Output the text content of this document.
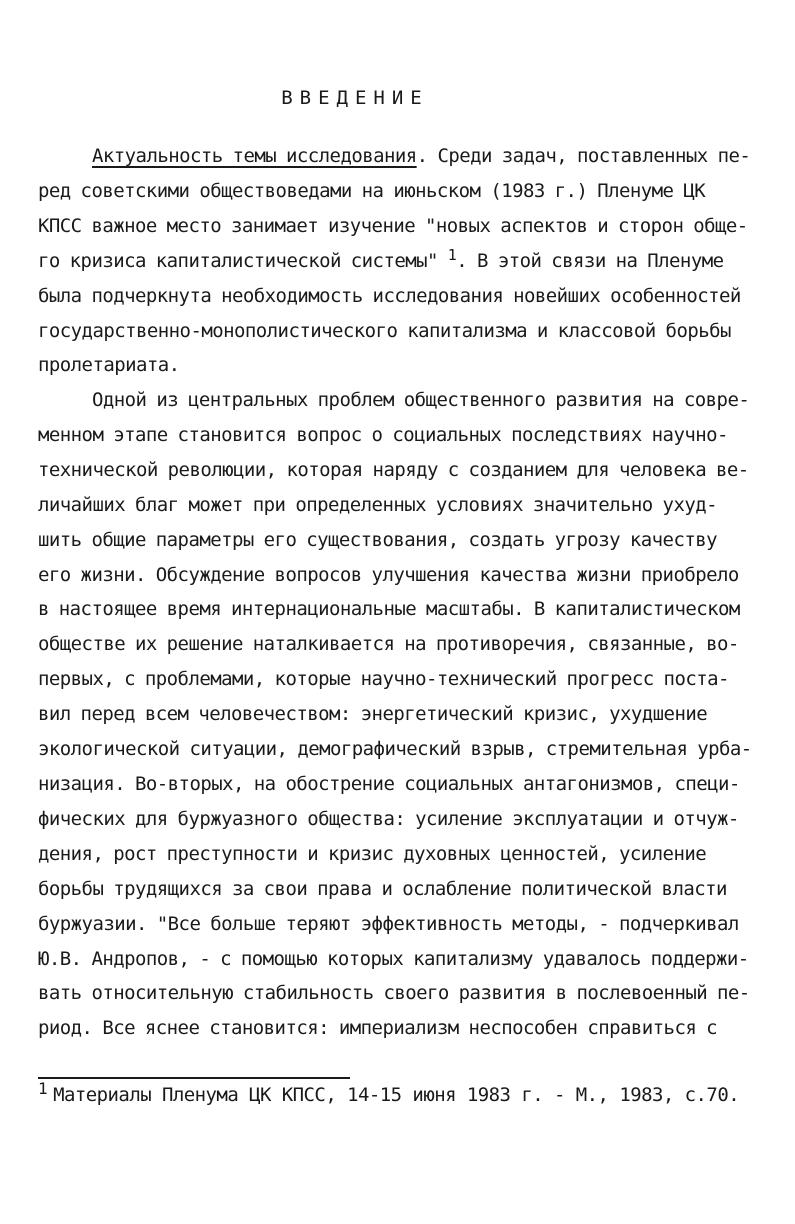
ВВЕДЕНИЕ
Актуальность темы исследования. Среди задач, поставленных пе-
ред советскими обществоведами на июньском (1983 г.) Пленуме ЦК
КПСС важное место занимает изучение "новых аспектов и сторон обще-
го кризиса капиталистической системы" $^1$. В этой связи на Пленуме
была подчеркнута необходимость исследования новейших особенностей
государственно-монополистического капитализма и классовой борьбы
пролетариата.
Одной из центральных проблем общественного развития на совре-
менном этапе становится вопрос о социальных последствиях научно-
технической революции, которая наряду с созданием для человека ве-
личайших благ может при определенных условиях значительно ухуд-
шить общие параметры его существования, создать угрозу качеству
его жизни. Обсуждение вопросов улучшения качества жизни приобрело
в настоящее время интернациональные масштабы. В капиталистическом
обществе их решение наталкивается на противоречия, связанные, во-
первых, с проблемами, которые научно-технический прогресс поста-
вил перед всем человечеством: энергетический кризис, ухудшение
экологической ситуации, демографический взрыв, стремительная урба-
низация. Во-вторых, на обострение социальных антагонизмов, специ-
фических для буржуазного общества: усиление эксплуатации и отчуж-
дения, рост преступности и кризис духовных ценностей, усиление
борьбы трудящихся за свои права и ослабление политической власти
буржуазии. "Все больше теряют эффективность методы, - подчеркивал
Ю.В. Андропов, - с помощью которых капитализму удавалось поддержи-
вать относительную стабильность своего развития в послевоенный пе-
риод. Все яснее становится: империализм неспособен справиться с
$^1$ Материалы Пленума ЦК КПСС, 14-15 июня 1983 г. - М., 1983, с.70.
